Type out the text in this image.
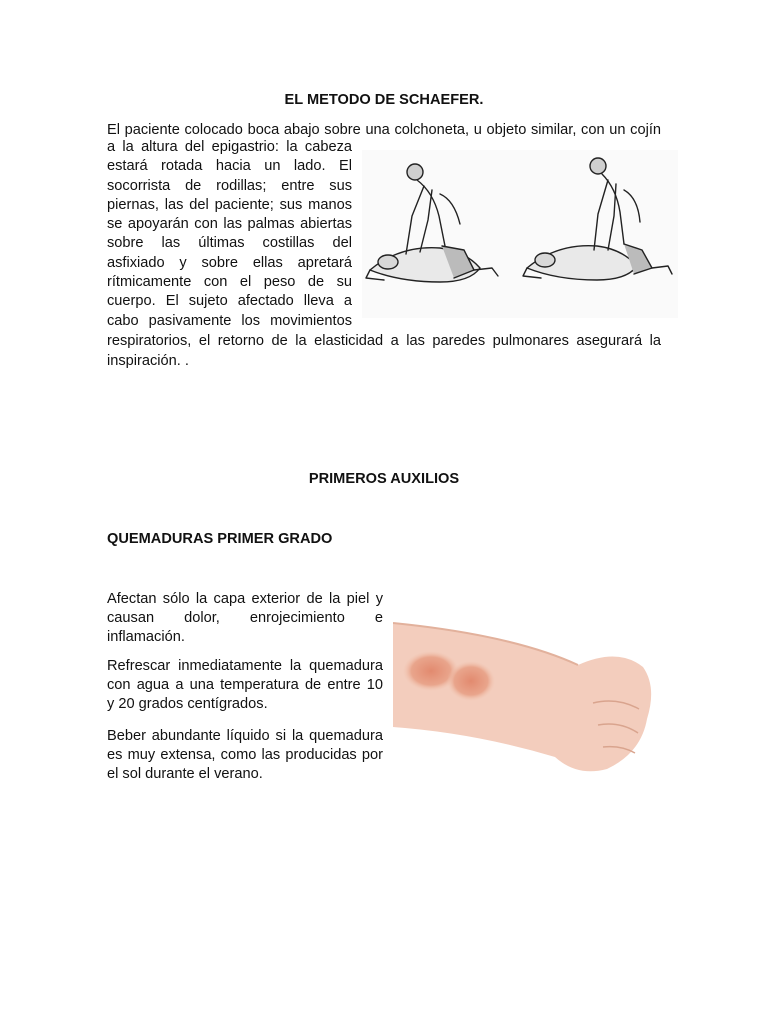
EL METODO DE SCHAEFER.

El paciente colocado boca abajo sobre una colchoneta, u objeto similar, con un cojín

a la altura del epigastrio: la cabeza
estará rotada hacia un lado. El
socorrista de rodillas; entre sus
piernas, las del paciente; sus manos
se apoyarán con las palmas abiertas
sobre las últimas costillas del
asfixiado y sobre ellas apretará
rítmicamente con el peso de su
cuerpo. El sujeto afectado lleva a
cabo pasivamente los movimientos

respiratorios, el retorno de la elasticidad a las paredes pulmonares asegurará la

inspiración. .

PRIMEROS AUXILIOS
QUEMADURAS PRIMER GRADO
Afectan sólo la capa exterior de la piel y
causan dolor, enrojecimiento e
inflamación.
Refrescar inmediatamente la quemadura
con agua a una temperatura de entre 10
y 20 grados centígrados.
Beber abundante líquido si la quemadura
es muy extensa, como las producidas por
el sol durante el verano.
